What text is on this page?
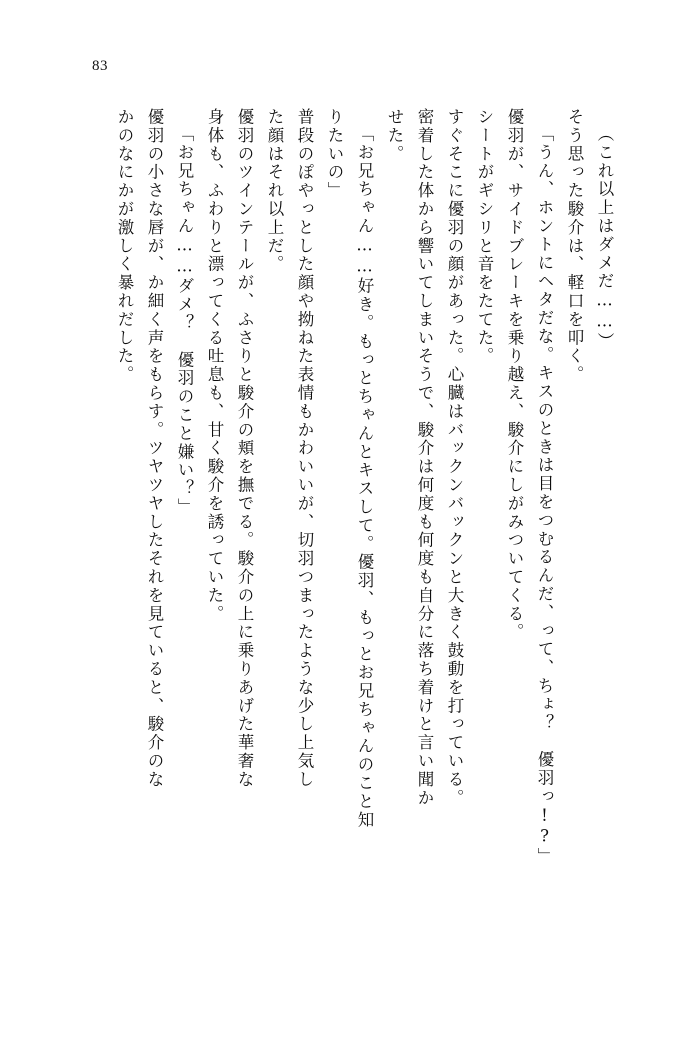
83
（これ以上はダメだ……）
そう思った駿介は、軽口を叩く。
「うん、ホントにヘタだな。キスのときは目をつむるんだ、って、ちょ？　優羽っ!?」
優羽が、サイドブレーキを乗り越え、駿介にしがみついてくる。
シートがギシリと音をたてた。
すぐそこに優羽の顔があった。心臓はバックンバックンと大きく鼓動を打っている。
密着した体から響いてしまいそうで、駿介は何度も何度も自分に落ち着けと言い聞か
せた。
「お兄ちゃん……好き。もっとちゃんとキスして。優羽、もっとお兄ちゃんのこと知
りたいの」
普段のぽやっとした顔や拗ねた表情もかわいいが、切羽つまったような少し上気し
た顔はそれ以上だ。
優羽のツインテールが、ふさりと駿介の頬を撫でる。駿介の上に乗りあげた華奢な
身体も、ふわりと漂ってくる吐息も、甘く駿介を誘っていた。
「お兄ちゃん……ダメ？　優羽のこと嫌い？」
優羽の小さな唇が、か細く声をもらす。ツヤツヤしたそれを見ていると、駿介のな
かのなにかが激しく暴れだした。
